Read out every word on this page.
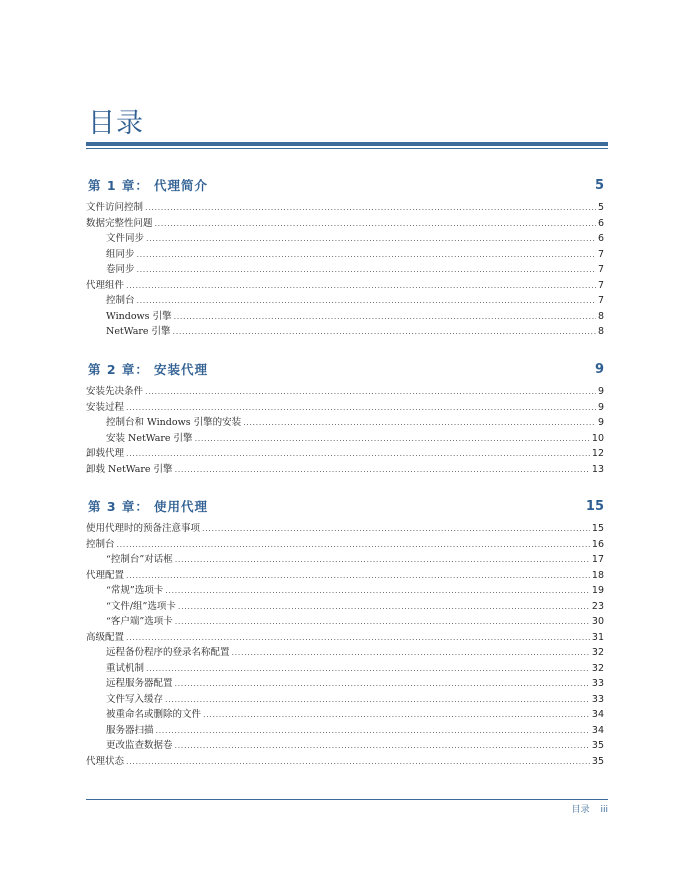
目录
第 1 章： 代理简介	5
文件访问控制 .....	5
数据完整性问题 .....	6
文件同步 .....	6
组同步 .....	7
卷同步 .....	7
代理组件 .....	7
控制台 .....	7
Windows 引擎 .....	8
NetWare 引擎 .....	8
第 2 章： 安装代理	9
安装先决条件 .....	9
安装过程 .....	9
控制台和 Windows 引擎的安装 .....	9
安装 NetWare 引擎 .....	10
卸载代理 .....	12
卸载 NetWare 引擎 .....	13
第 3 章： 使用代理	15
使用代理时的预备注意事项 .....	15
控制台 .....	16
“控制台”对话框 .....	17
代理配置 .....	18
“常规”选项卡 .....	19
“文件/组”选项卡 .....	23
“客户端”选项卡 .....	30
高级配置 .....	31
远程备份程序的登录名称配置 .....	32
重试机制 .....	32
远程服务器配置 .....	33
文件写入缓存 .....	33
被重命名或删除的文件 .....	34
服务器扫描 .....	34
更改监查数据卷 .....	35
代理状态 .....	35
目录 iii
